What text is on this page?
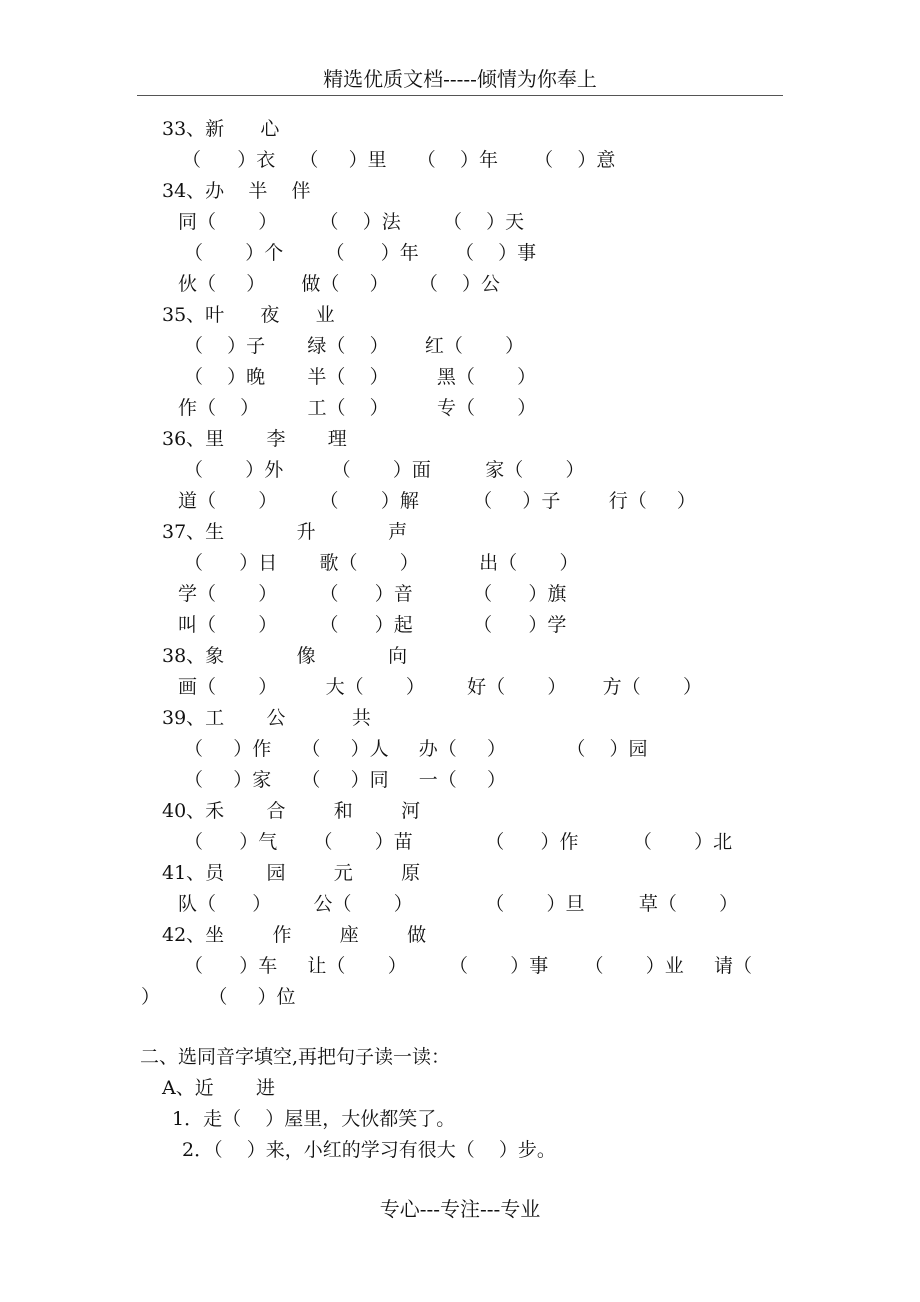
精选优质文档-----倾情为你奉上
33、新      心
（      ）衣    （     ）里     （    ）年      （    ）意
34、办    半    伴
同（       ）       （    ）法       （    ）天
（       ）个       （      ）年      （    ）事
伙（     ）      做（     ）     （    ）公
35、叶      夜      业
（    ）子       绿（    ）      红（       ）
（    ）晚       半（    ）        黑（       ）
作（    ）        工（    ）        专（       ）
36、里       李       理
（       ）外        （       ）面         家（       ）
道（       ）       （       ）解         （     ）子        行（     ）
37、生            升            声
（      ）日       歌（       ）          出（       ）
学（       ）       （      ）音          （      ）旗
叫（       ）       （      ）起          （      ）学
38、象            像            向
画（       ）        大（       ）       好（       ）      方（       ）
39、工       公           共
（     ）作     （     ）人     办（     ）          （    ）园
（     ）家     （     ）同     一（     ）
40、禾       合        和        河
（      ）气      （       ）苗            （      ）作         （       ）北
41、员       园        元        原
队（      ）       公（       ）            （       ）旦         草（       ）
42、坐        作        座        做
（      ）车     让（       ）       （       ）事      （       ）业     请（
）        （     ）位
二、选同音字填空,再把句子读一读：
A、近       进
1．走（    ）屋里，大伙都笑了。
2．（    ）来，小红的学习有很大（    ）步。
专心---专注---专业
